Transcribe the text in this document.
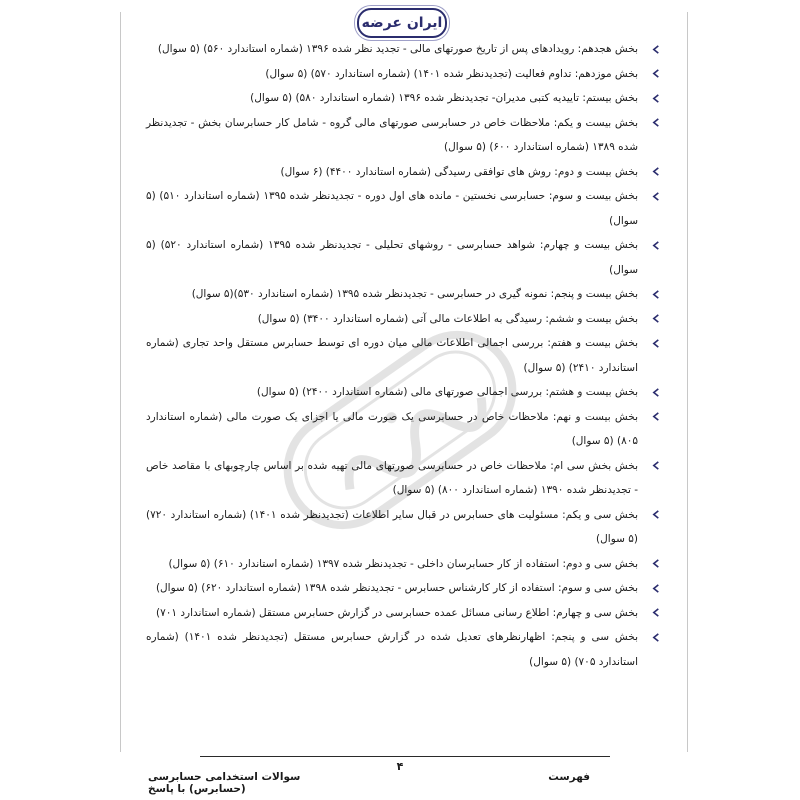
ایران عرضه

بخش هجدهم: رویدادهای پس از تاریخ صورتهای مالی - تجدید نظر شده ۱۳۹۶ (شماره استاندارد ۵۶۰) (۵ سوال)

بخش موزدهم: تداوم فعالیت (تجدیدنظر شده ۱۴۰۱) (شماره استاندارد ۵۷۰) (۵ سوال)

بخش بیستم: تاییدیه کتبی مدیران- تجدیدنظر شده ۱۳۹۶ (شماره استاندارد ۵۸۰) (۵ سوال)

بخش بیست و یکم: ملاحظات خاص در حسابرسی صورتهای مالی گروه - شامل کار حسابرسان بخش - تجدیدنظر شده ۱۳۸۹ (شماره استاندارد ۶۰۰) (۵ سوال)

بخش بیست و دوم: روش های توافقی رسیدگی (شماره استاندارد ۴۴۰۰) (۶ سوال)

بخش بیست و سوم: حسابرسی نخستین - مانده های اول دوره - تجدیدنظر شده ۱۳۹۵ (شماره استاندارد ۵۱۰) (۵ سوال)

بخش بیست و چهارم: شواهد حسابرسی - روشهای تحلیلی - تجدیدنظر شده ۱۳۹۵ (شماره استاندارد ۵۲۰) (۵ سوال)

بخش بیست و پنجم: نمونه گیری در حسابرسی - تجدیدنظر شده ۱۳۹۵ (شماره استاندارد ۵۳۰)(۵ سوال)

بخش بیست و ششم: رسیدگی به اطلاعات مالی آتی (شماره استاندارد ۳۴۰۰) (۵ سوال)

بخش بیست و هفتم: بررسی اجمالی اطلاعات مالی میان دوره ای توسط حسابرس مستقل واحد تجاری (شماره استاندارد ۲۴۱۰) (۵ سوال)

بخش بیست و هشتم: بررسی اجمالی صورتهای مالی (شماره استاندارد ۲۴۰۰) (۵ سوال)

بخش بیست و نهم: ملاحظات خاص در حسابرسی یک صورت مالی یا اجزای یک صورت مالی (شماره استاندارد ۸۰۵) (۵ سوال)

بخش بخش سی ام: ملاحظات خاص در حسابرسی صورتهای مالی تهیه شده بر اساس چارچوبهای با مقاصد خاص - تجدیدنظر شده ۱۳۹۰ (شماره استاندارد ۸۰۰) (۵ سوال)

بخش سی و یکم: مسئولیت های حسابرس در قبال سایر اطلاعات (تجدیدنظر شده ۱۴۰۱) (شماره استاندارد ۷۲۰) (۵ سوال)

بخش سی و دوم: استفاده از کار حسابرسان داخلی - تجدیدنظر شده ۱۳۹۷ (شماره استاندارد ۶۱۰) (۵ سوال)

بخش سی و سوم: استفاده از کار کارشناس حسابرس - تجدیدنظر شده ۱۳۹۸ (شماره استاندارد ۶۲۰) (۵ سوال)

بخش سی و چهارم: اطلاع رسانی مسائل عمده حسابرسی در گزارش حسابرس مستقل (شماره استاندارد ۷۰۱)

بخش سی و پنجم: اظهارنظرهای تعدیل شده در گزارش حسابرس مستقل (تجدیدنظر شده ۱۴۰۱) (شماره استاندارد ۷۰۵) (۵ سوال)

۴
سوالات استخدامی حسابرسی (حسابرس) با پاسخ
فهرست
